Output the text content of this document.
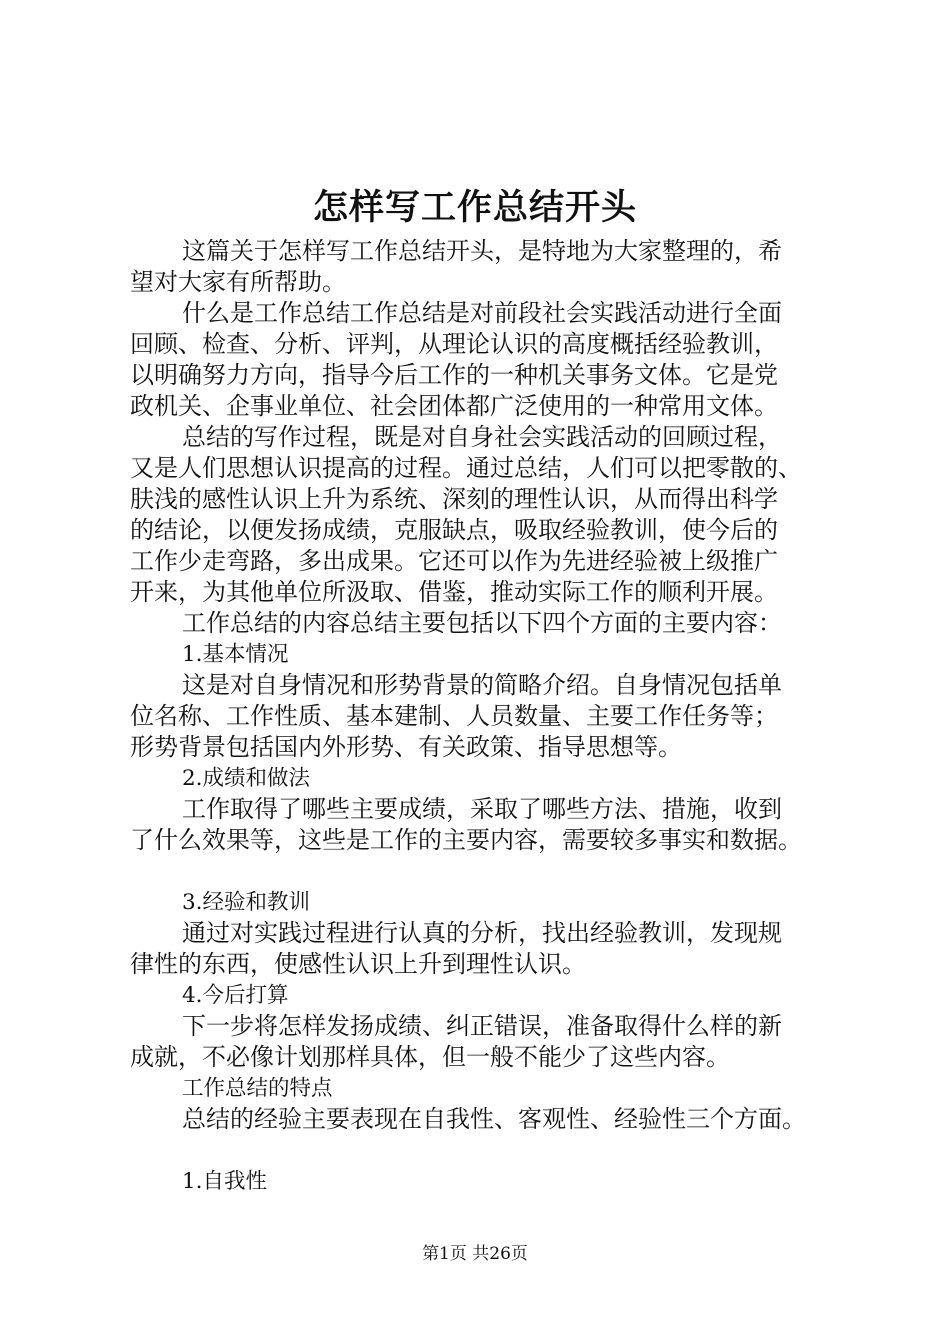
怎样写工作总结开头
这篇关于怎样写工作总结开头，是特地为大家整理的，希
望对大家有所帮助。
什么是工作总结工作总结是对前段社会实践活动进行全面
回顾、检查、分析、评判，从理论认识的高度概括经验教训，
以明确努力方向，指导今后工作的一种机关事务文体。它是党
政机关、企事业单位、社会团体都广泛使用的一种常用文体。
总结的写作过程，既是对自身社会实践活动的回顾过程，
又是人们思想认识提高的过程。通过总结，人们可以把零散的、
肤浅的感性认识上升为系统、深刻的理性认识，从而得出科学
的结论，以便发扬成绩，克服缺点，吸取经验教训，使今后的
工作少走弯路，多出成果。它还可以作为先进经验被上级推广
开来，为其他单位所汲取、借鉴，推动实际工作的顺利开展。
工作总结的内容总结主要包括以下四个方面的主要内容：
1.基本情况
这是对自身情况和形势背景的简略介绍。自身情况包括单
位名称、工作性质、基本建制、人员数量、主要工作任务等；
形势背景包括国内外形势、有关政策、指导思想等。
2.成绩和做法
工作取得了哪些主要成绩，采取了哪些方法、措施，收到
了什么效果等，这些是工作的主要内容，需要较多事实和数据。
3.经验和教训
通过对实践过程进行认真的分析，找出经验教训，发现规
律性的东西，使感性认识上升到理性认识。
4.今后打算
下一步将怎样发扬成绩、纠正错误，准备取得什么样的新
成就，不必像计划那样具体，但一般不能少了这些内容。
工作总结的特点
总结的经验主要表现在自我性、客观性、经验性三个方面。
1.自我性
第1页 共26页
